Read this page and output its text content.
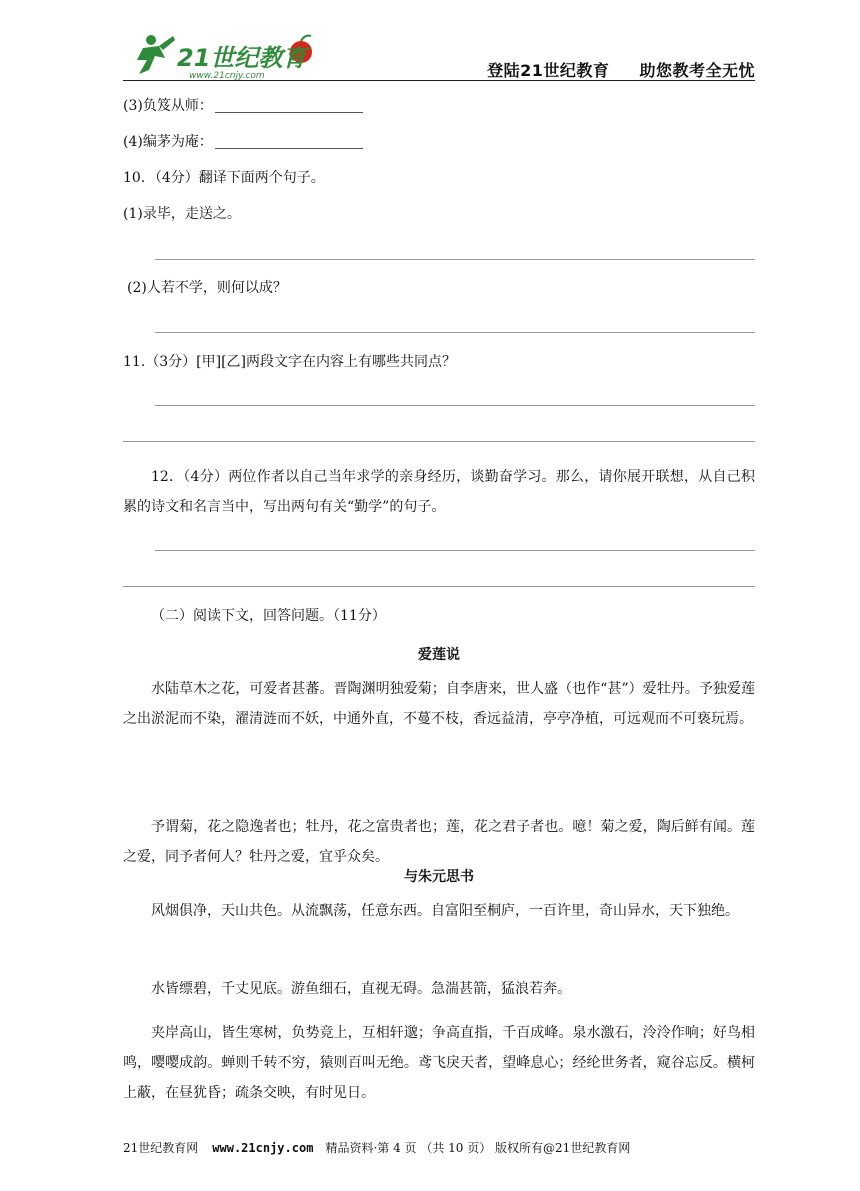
21世纪教育
www.21cnjy.com	登陆21世纪教育 助您教考全无忧
(3)负笈从师：
(4)编茅为庵：
10．（4分）翻译下面两个句子。
(1)录毕，走送之。
(2)人若不学，则何以成？
11.（3分）[甲][乙]两段文字在内容上有哪些共同点？
12．（4分）两位作者以自己当年求学的亲身经历，谈勤奋学习。那么，请你展开联想，从自己积累的诗文和名言当中，写出两句有关“勤学”的句子。
（二）阅读下文，回答问题。（11分）
爱莲说
水陆草木之花，可爱者甚蕃。晋陶渊明独爱菊；自李唐来，世人盛（也作“甚”）爱牡丹。予独爱莲之出淤泥而不染，濯清涟而不妖，中通外直，不蔓不枝，香远益清，亭亭净植，可远观而不可亵玩焉。
予谓菊，花之隐逸者也；牡丹，花之富贵者也；莲，花之君子者也。噫！菊之爱，陶后鲜有闻。莲之爱，同予者何人？牡丹之爱，宜乎众矣。
与朱元思书
风烟俱净，天山共色。从流飘荡，任意东西。自富阳至桐庐，一百许里，奇山异水，天下独绝。
水皆缥碧，千丈见底。游鱼细石，直视无碍。急湍甚箭，猛浪若奔。
夹岸高山，皆生寒树，负势竞上，互相轩邈；争高直指，千百成峰。泉水激石，泠泠作响；好鸟相鸣，嘤嘤成韵。蝉则千转不穷，猿则百叫无绝。鸢飞戾天者，望峰息心；经纶世务者，窥谷忘反。横柯上蔽，在昼犹昏；疏条交映，有时见日。
21世纪教育网 www.21cnjy.com 精品资料·第 4 页 （共 10 页） 版权所有@21世纪教育网
